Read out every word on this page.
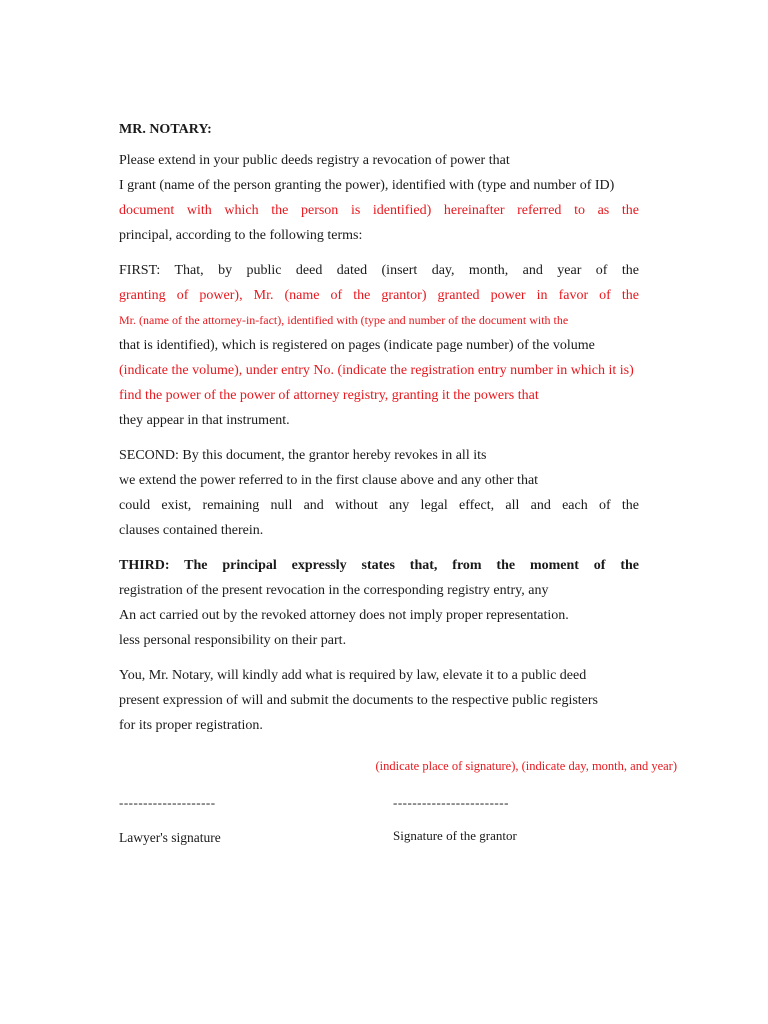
MR. NOTARY:
Please extend in your public deeds registry a revocation of power that
I grant (name of the person granting the power), identified with (type and number of ID)
document with which the person is identified) hereinafter referred to as the
principal, according to the following terms:
FIRST: That, by public deed dated (insert day, month, and year of the
granting of power), Mr. (name of the grantor) granted power in favor of the
Mr. (name of the attorney-in-fact), identified with (type and number of the document with the
that is identified), which is registered on pages (indicate page number) of the volume
(indicate the volume), under entry No. (indicate the registration entry number in which it is)
find the power of the power of attorney registry, granting it the powers that
they appear in that instrument.
SECOND: By this document, the grantor hereby revokes in all its
we extend the power referred to in the first clause above and any other that
could exist, remaining null and without any legal effect, all and each of the
clauses contained therein.
THIRD: The principal expressly states that, from the moment of the
registration of the present revocation in the corresponding registry entry, any
An act carried out by the revoked attorney does not imply proper representation.
less personal responsibility on their part.
You, Mr. Notary, will kindly add what is required by law, elevate it to a public deed
present expression of will and submit the documents to the respective public registers
for its proper registration.
(indicate place of signature), (indicate day, month, and year)
--------------------	------------------------
Lawyer's signature	Signature of the grantor
